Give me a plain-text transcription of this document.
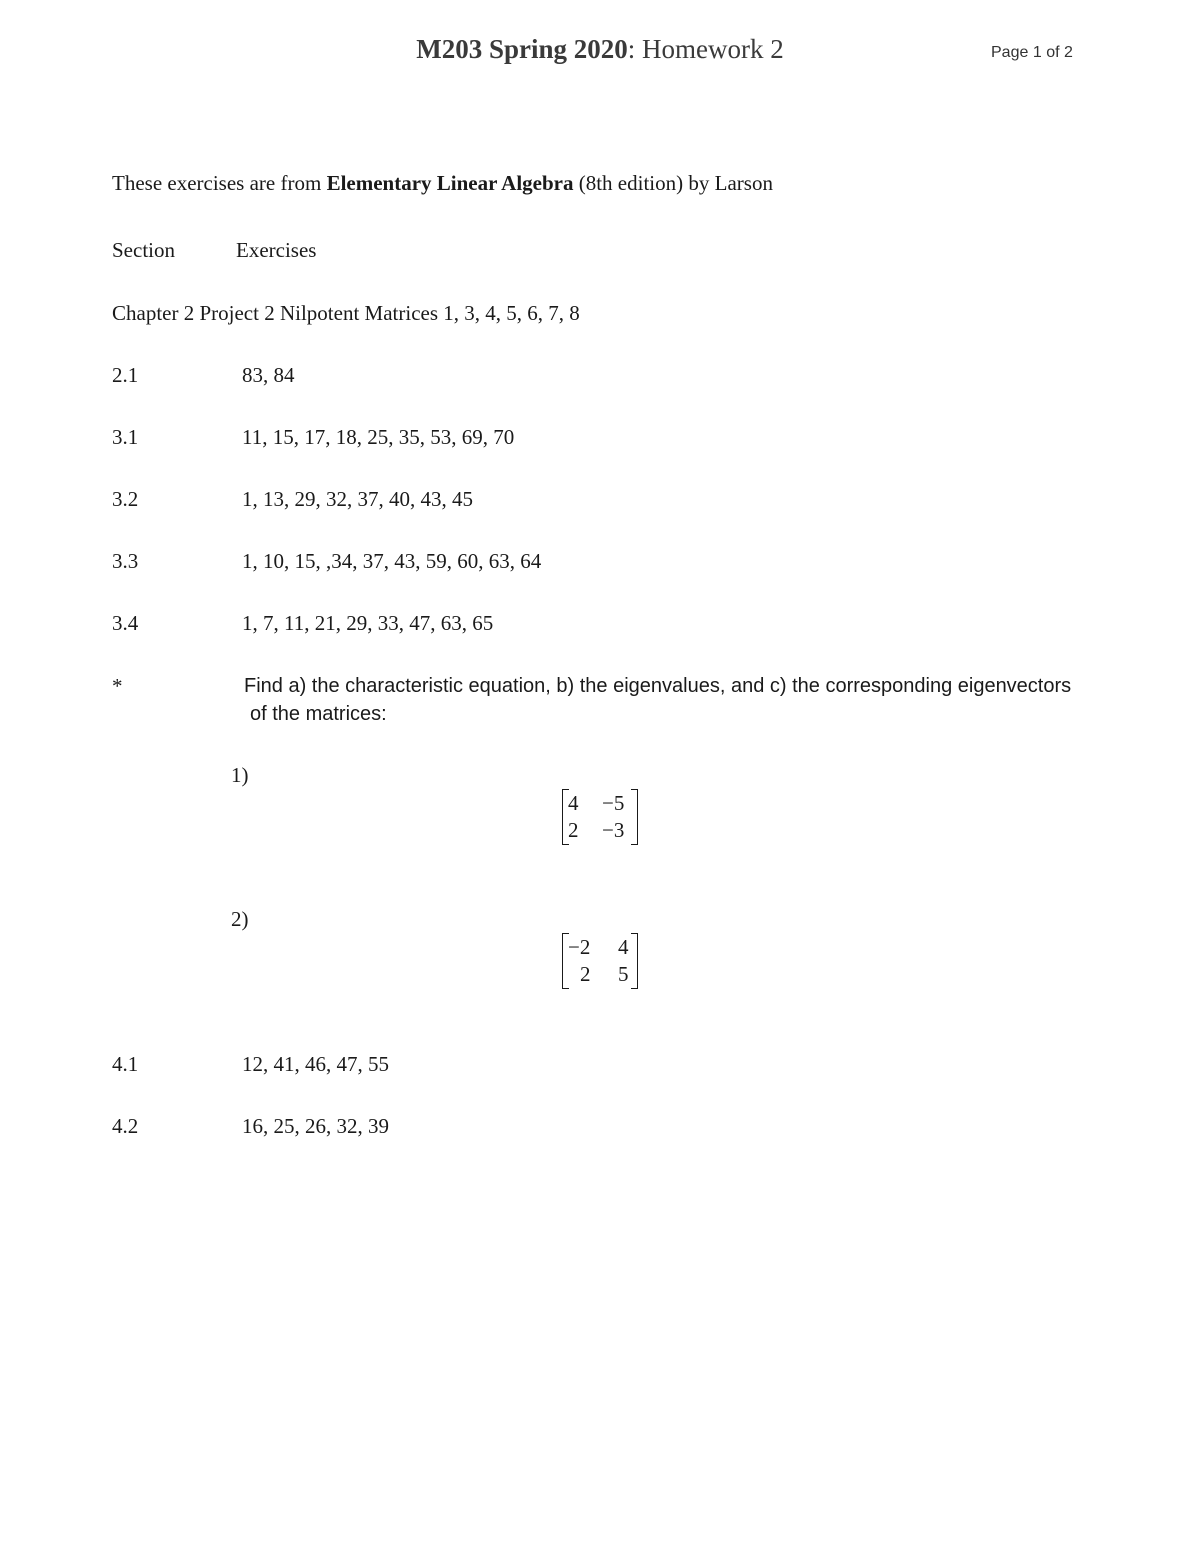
M203 Spring 2020: Homework 2	Page 1 of 2
These exercises are from Elementary Linear Algebra (8th edition) by Larson
Section	Exercises
Chapter 2 Project 2 Nilpotent Matrices 1, 3, 4, 5, 6, 7, 8
2.1	83, 84
3.1	11, 15, 17, 18, 25, 35, 53, 69, 70
3.2	1, 13, 29, 32, 37, 40, 43, 45
3.3	1, 10, 15, ,34, 37, 43, 59, 60, 63, 64
3.4	1, 7, 11, 21, 29, 33, 47, 63, 65
*	Find a) the characteristic equation, b) the eigenvalues, and c) the corresponding eigenvectors
of the matrices:
1)
4 −5
2 −3
2)
−2 4
2 5
4.1	12, 41, 46, 47, 55
4.2	16, 25, 26, 32, 39
